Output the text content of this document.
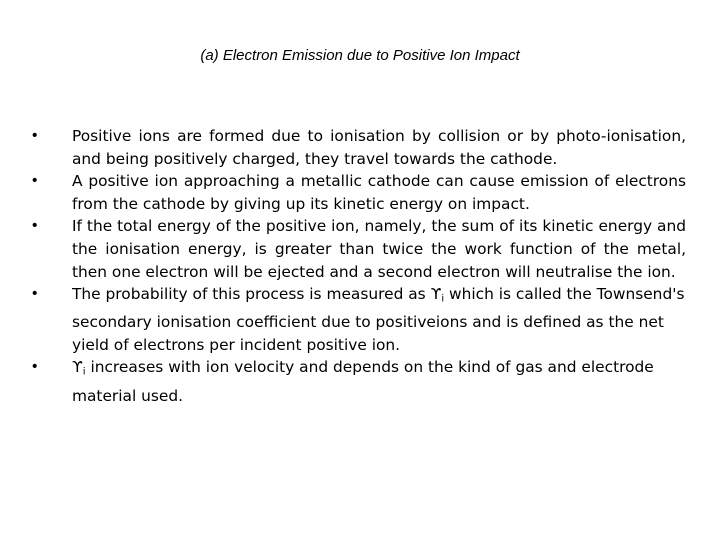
(a) Electron Emission due to Positive Ion Impact
• Positive ions are formed due to ionisation by collision or by photo-ionisation, and being positively charged, they travel towards the cathode.
• A positive ion approaching a metallic cathode can cause emission of electrons from the cathode by giving up its kinetic energy on impact.
• If the total energy of the positive ion, namely, the sum of its kinetic energy and the ionisation energy, is greater than twice the work function of the metal, then one electron will be ejected and a second electron will neutralise the ion.
• The probability of this process is measured as $ϒ_i$ which is called the Townsend's secondary ionisation coefficient due to positiveions and is defined as the net yield of electrons per incident positive ion.
• $ϒ_i$ increases with ion velocity and depends on the kind of gas and electrode material used.
